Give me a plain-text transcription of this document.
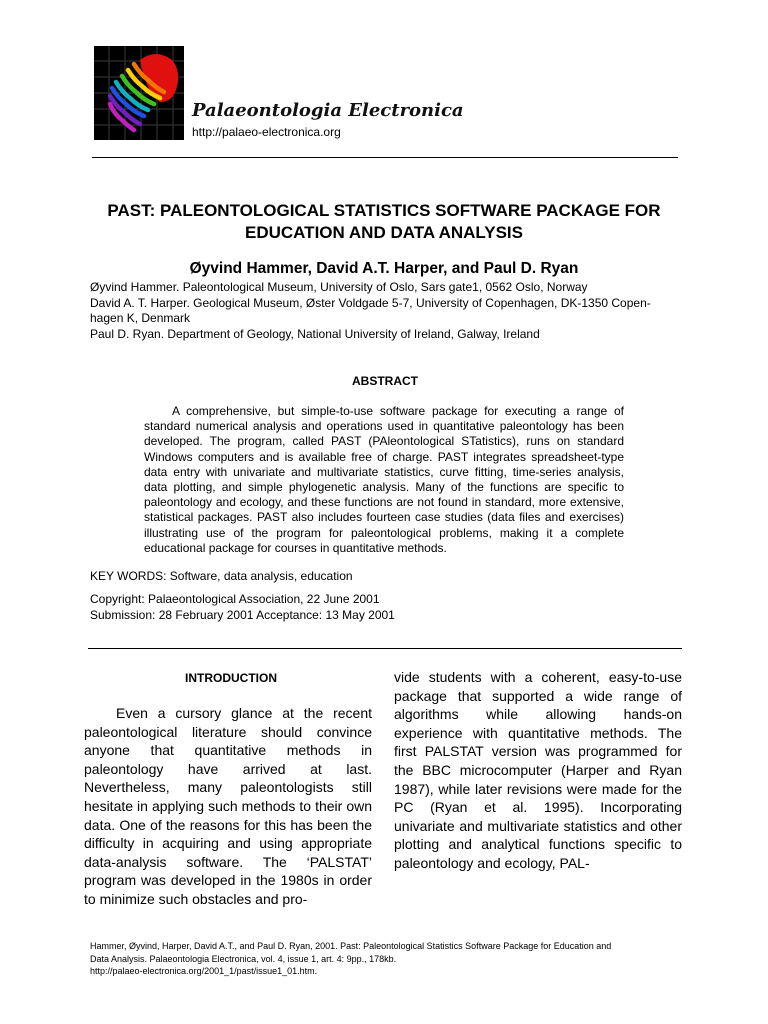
Palaeontologia Electronica
http://palaeo-electronica.org
PAST: PALEONTOLOGICAL STATISTICS SOFTWARE PACKAGE FOR
EDUCATION AND DATA ANALYSIS
Øyvind Hammer, David A.T. Harper, and Paul D. Ryan
Øyvind Hammer. Paleontological Museum, University of Oslo, Sars gate1, 0562 Oslo, Norway
David A. T. Harper. Geological Museum, Øster Voldgade 5-7, University of Copenhagen, DK-1350 Copen-
hagen K, Denmark
Paul D. Ryan. Department of Geology, National University of Ireland, Galway, Ireland
ABSTRACT

A comprehensive, but simple-to-use software package for executing a range of standard numerical analysis and operations used in quantitative paleontology has been developed. The program, called PAST (PAleontological STatistics), runs on standard Windows computers and is available free of charge. PAST integrates spreadsheet-type data entry with univariate and multivariate statistics, curve fitting, time-series analysis, data plotting, and simple phylogenetic analysis. Many of the functions are specific to paleontology and ecology, and these functions are not found in standard, more extensive, statistical packages. PAST also includes fourteen case studies (data files and exercises) illustrating use of the program for paleontological problems, making it a complete educational package for courses in quantitative methods.

KEY WORDS: Software, data analysis, education
Copyright: Palaeontological Association, 22 June 2001
Submission: 28 February 2001 Acceptance: 13 May 2001
INTRODUCTION

Even a cursory glance at the recent paleontological literature should convince anyone that quantitative methods in paleontology have arrived at last. Nevertheless, many paleontologists still hesitate in applying such methods to their own data. One of the reasons for this has been the difficulty in acquiring and using appropriate data-analysis software. The ‘PALSTAT’ program was developed in the 1980s in order to minimize such obstacles and pro-

vide students with a coherent, easy-to-use package that supported a wide range of algorithms while allowing hands-on experience with quantitative methods. The first PALSTAT version was programmed for the BBC microcomputer (Harper and Ryan 1987), while later revisions were made for the PC (Ryan et al. 1995). Incorporating univariate and multivariate statistics and other plotting and analytical functions specific to paleontology and ecology, PAL-

Hammer, Øyvind, Harper, David A.T., and Paul D. Ryan, 2001. Past: Paleontological Statistics Software Package for Education and
Data Analysis. Palaeontologia Electronica, vol. 4, issue 1, art. 4: 9pp., 178kb.
http://palaeo-electronica.org/2001_1/past/issue1_01.htm.
